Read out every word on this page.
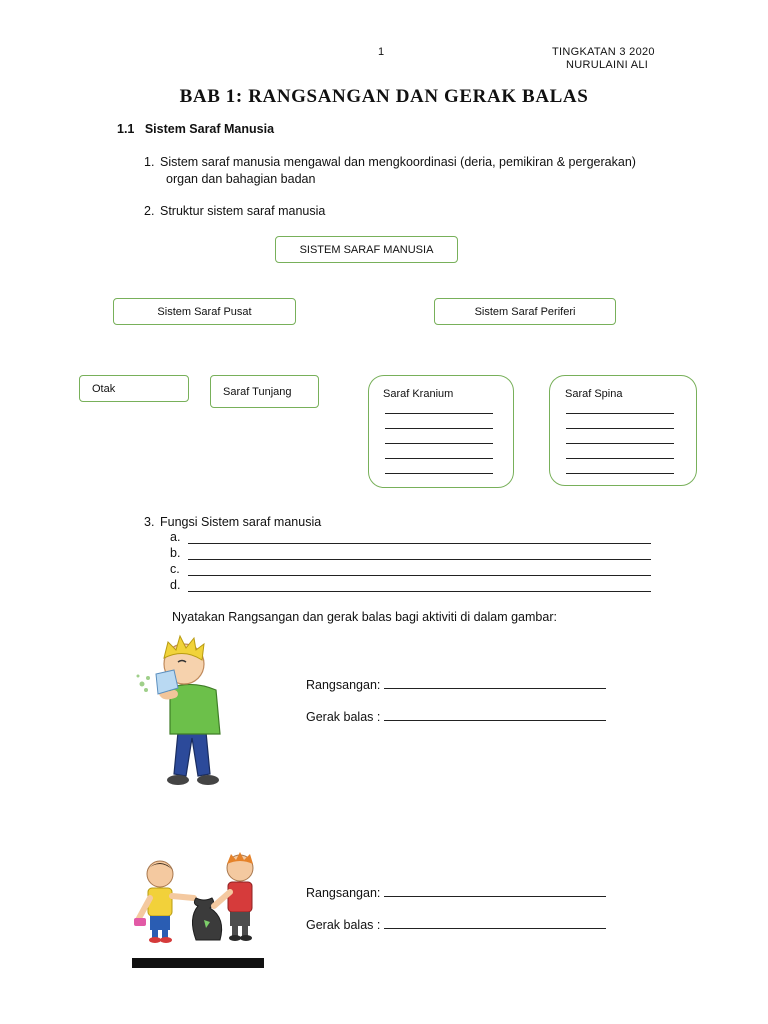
1	TINGKATAN 3 2020
NURULAINI ALI
BAB 1: RANGSANGAN DAN GERAK BALAS
1.1 Sistem Saraf Manusia
1. Sistem saraf manusia mengawal dan mengkoordinasi (deria, pemikiran & pergerakan)
organ dan bahagian badan
2. Struktur sistem saraf manusia
SISTEM SARAF MANUSIA
Sistem Saraf Pusat	Sistem Saraf Periferi
Otak	Saraf Tunjang	Saraf Kranium	Saraf Spina
3. Fungsi Sistem saraf manusia
a.
b.
c.
d.
Nyatakan Rangsangan dan gerak balas bagi aktiviti di dalam gambar:
Rangsangan:
Gerak balas :
Rangsangan:
Gerak balas :
